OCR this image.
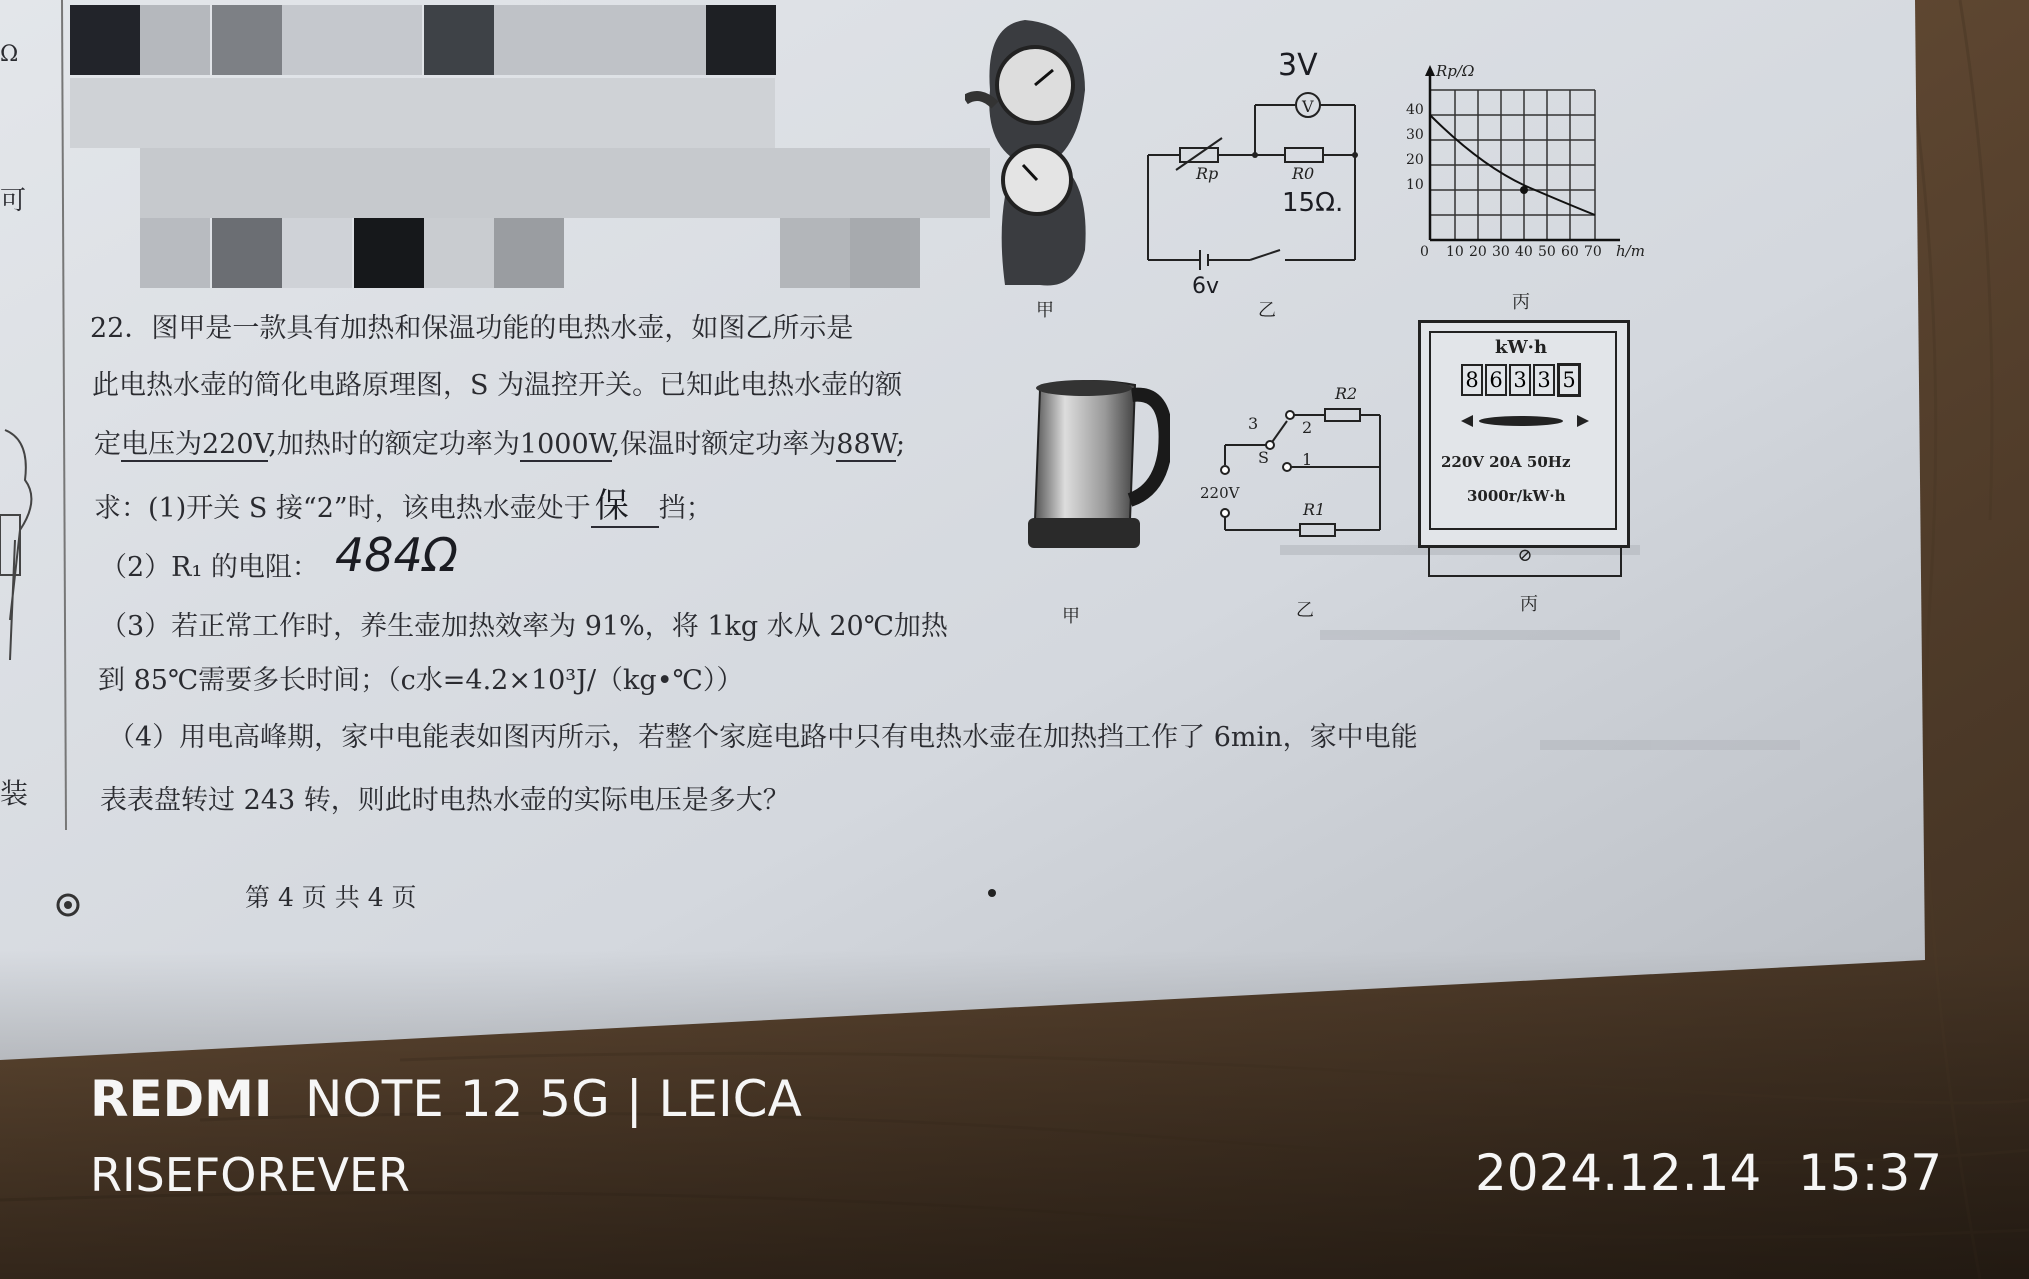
Ω
可
装
甲
V
Rp	R0
3V
15Ω.
6v
乙
Rp/Ω
h/m
40
30
20
10
0 10 20 30 40 50 60 70
丙
22．图甲是一款具有加热和保温功能的电热水壶，如图乙所示是
此电热水壶的简化电路原理图，S 为温控开关。已知此电热水壶的额
定电压为220V,加热时的额定功率为1000W,保温时额定功率为88W;
求：(1)开关 S 接“2”时，该电热水壶处于 保 挡；
（2）R₁ 的电阻： 484Ω
（3）若正常工作时，养生壶加热效率为 91%，将 1kg 水从 20℃加热
到 85℃需要多长时间；（c水=4.2×10³J/（kg•℃））
（4）用电高峰期，家中电能表如图丙所示，若整个家庭电路中只有电热水壶在加热挡工作了 6min，家中电能
表表盘转过 243 转，则此时电热水壶的实际电压是多大？
第 4 页 共 4 页
甲
R2
R1
3	2
1
S
220V
乙
kW·h
8 6 3 3 5
220V 20A 50Hz
3000r/kW·h
⊘
丙
REDMI NOTE 12 5G | LEICA
RISEFOREVER	2024.12.14 15:37
